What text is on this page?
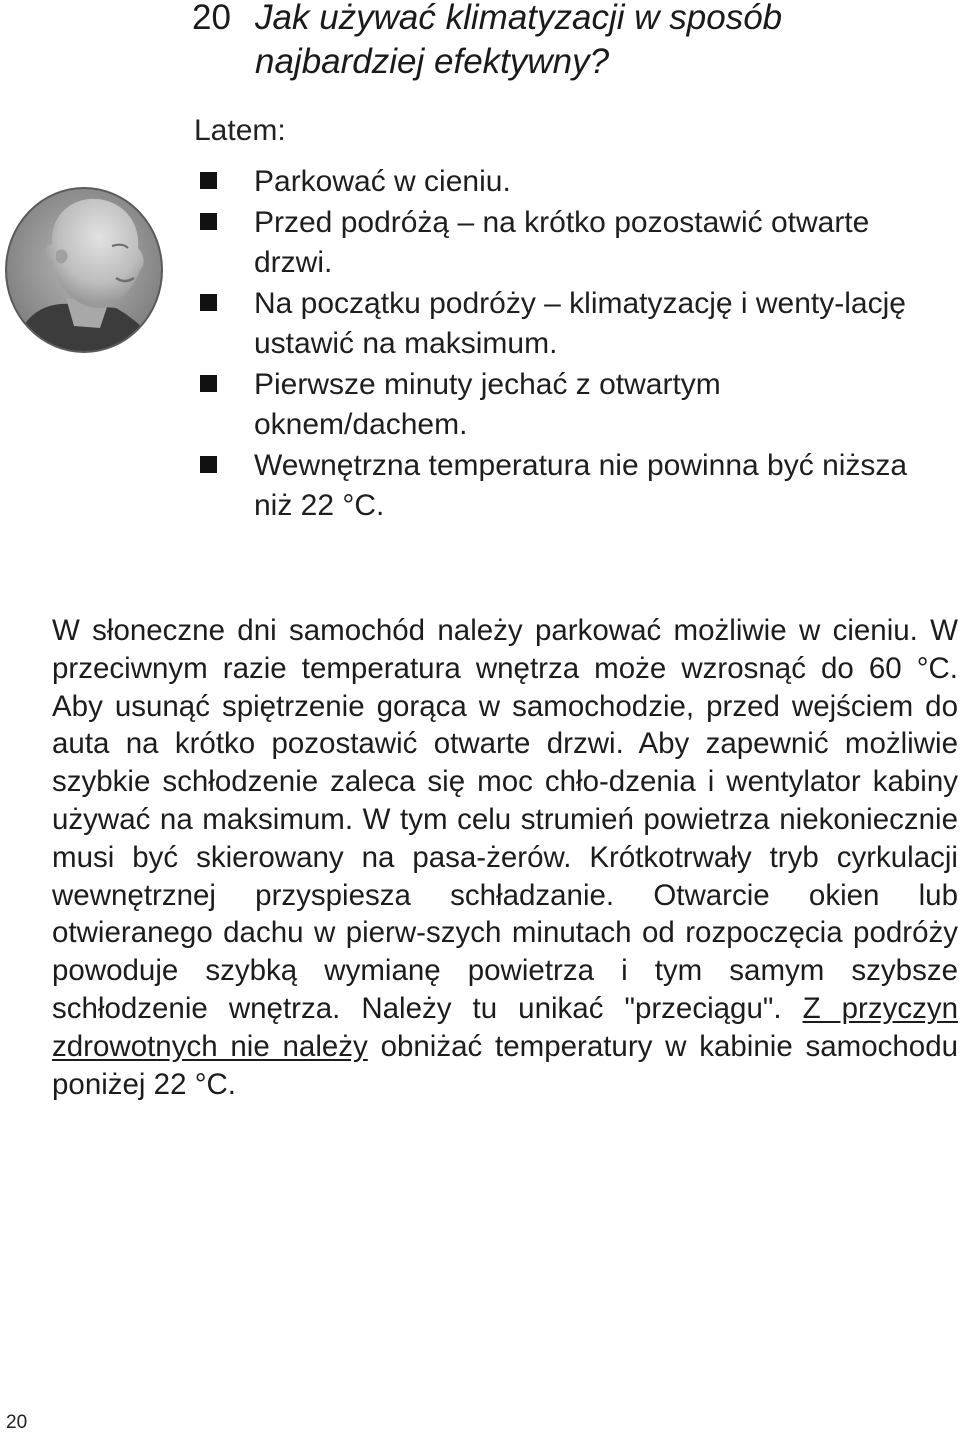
20 Jak używać klimatyzacji w sposób najbardziej efektywny?
Latem:
Parkować w cieniu.
Przed podróżą – na krótko pozostawić otwarte drzwi.
Na początku podróży – klimatyzację i wenty-lację ustawić na maksimum.
Pierwsze minuty jechać z otwartym oknem/dachem.
Wewnętrzna temperatura nie powinna być niższa niż 22 °C.

W słoneczne dni samochód należy parkować możliwie w cieniu. W przeciwnym razie temperatura wnętrza może wzrosnąć do 60 °C. Aby usunąć spiętrzenie gorąca w samochodzie, przed wejściem do auta na krótko pozostawić otwarte drzwi. Aby zapewnić możliwie szybkie schłodzenie zaleca się moc chło-dzenia i wentylator kabiny używać na maksimum. W tym celu strumień powietrza niekoniecznie musi być skierowany na pasa-żerów. Krótkotrwały tryb cyrkulacji wewnętrznej przyspiesza schładzanie. Otwarcie okien lub otwieranego dachu w pierw-szych minutach od rozpoczęcia podróży powoduje szybką wymianę powietrza i tym samym szybsze schłodzenie wnętrza. Należy tu unikać "przeciągu". Z przyczyn zdrowotnych nie należy obniżać temperatury w kabinie samochodu poniżej 22 °C.

20
